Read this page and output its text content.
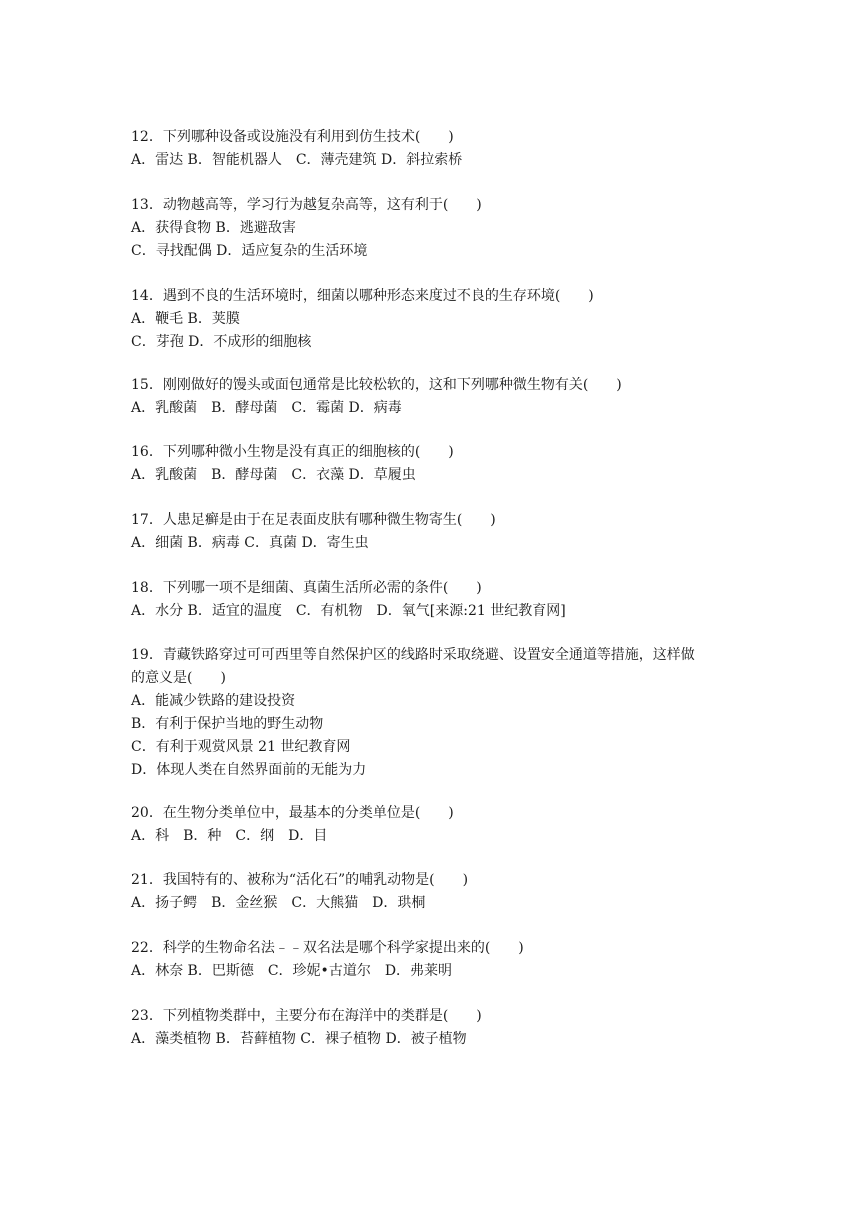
12．下列哪种设备或设施没有利用到仿生技术(　　)
A．雷达 B．智能机器人　C．薄壳建筑 D．斜拉索桥
13．动物越高等，学习行为越复杂高等，这有利于(　　)
A．获得食物 B．逃避敌害
C．寻找配偶 D．适应复杂的生活环境
14．遇到不良的生活环境时，细菌以哪种形态来度过不良的生存环境(　　)
A．鞭毛 B．荚膜
C．芽孢 D．不成形的细胞核
15．刚刚做好的馒头或面包通常是比较松软的，这和下列哪种微生物有关(　　)
A．乳酸菌　B．酵母菌　C．霉菌 D．病毒
16．下列哪种微小生物是没有真正的细胞核的(　　)
A．乳酸菌　B．酵母菌　C．衣藻 D．草履虫
17．人患足癣是由于在足表面皮肤有哪种微生物寄生(　　)
A．细菌 B．病毒 C．真菌 D．寄生虫
18．下列哪一项不是细菌、真菌生活所必需的条件(　　)
A．水分 B．适宜的温度　C．有机物　D．氧气[来源:21 世纪教育网]
19．青藏铁路穿过可可西里等自然保护区的线路时采取绕避、设置安全通道等措施，这样做
的意义是(　　)
A．能减少铁路的建设投资
B．有利于保护当地的野生动物
C．有利于观赏风景 21 世纪教育网
D．体现人类在自然界面前的无能为力
20．在生物分类单位中，最基本的分类单位是(　　)
A．科　B．种　C．纲　D．目
21．我国特有的、被称为“活化石”的哺乳动物是(　　)
A．扬子鳄　B．金丝猴　C．大熊猫　D．珙桐
22．科学的生物命名法﹣﹣双名法是哪个科学家提出来的(　　)
A．林奈 B．巴斯德　C．珍妮•古道尔　D．弗莱明
23．下列植物类群中，主要分布在海洋中的类群是(　　)
A．藻类植物 B．苔藓植物 C．裸子植物 D．被子植物
